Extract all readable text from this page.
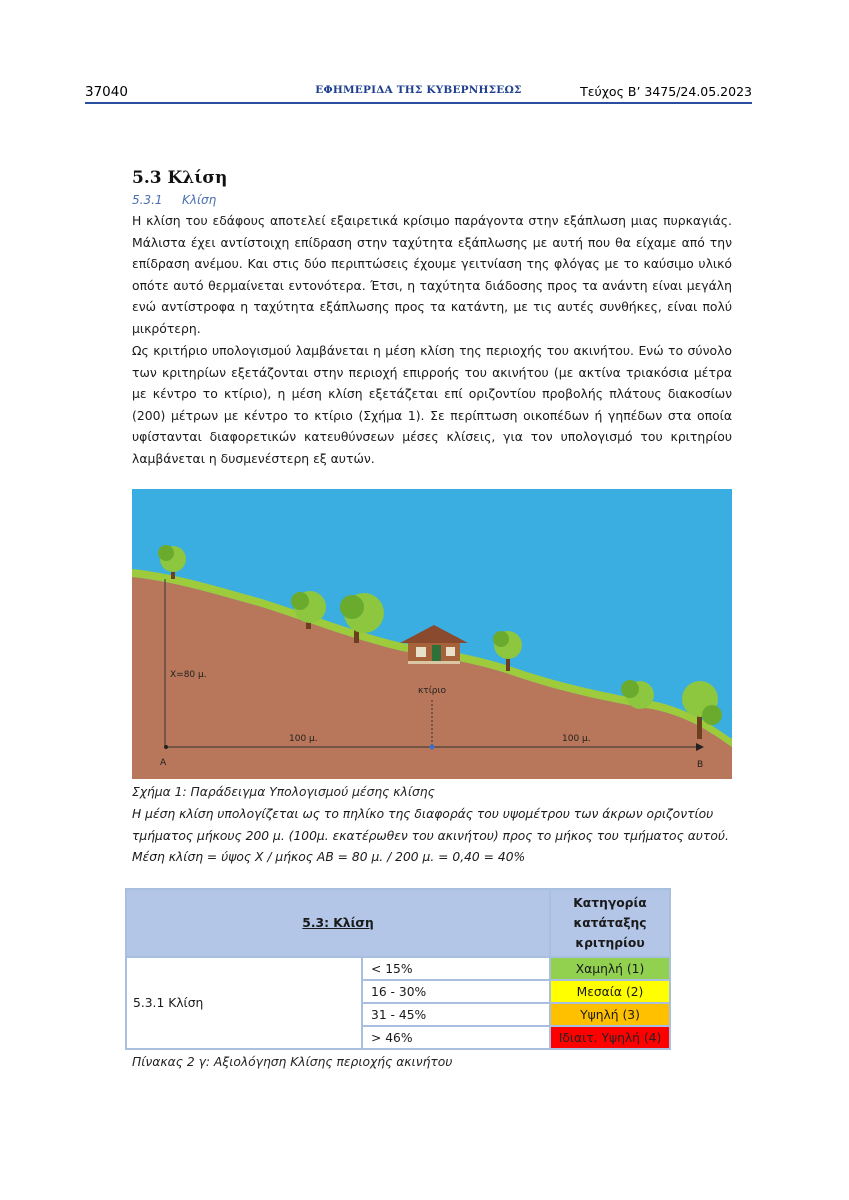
37040	ΕΦΗΜΕΡΙΔΑ ΤΗΣ ΚΥΒΕΡΝΗΣΕΩΣ	Τεύχος Β’ 3475/24.05.2023
5.3 Κλίση
5.3.1 Κλίση

Η κλίση του εδάφους αποτελεί εξαιρετικά κρίσιμο παράγοντα στην εξάπλωση μιας πυρκαγιάς. Μάλιστα έχει αντίστοιχη επίδραση στην ταχύτητα εξάπλωσης με αυτή που θα είχαμε από την επίδραση ανέμου. Και στις δύο περιπτώσεις έχουμε γειτνίαση της φλόγας με το καύσιμο υλικό οπότε αυτό θερμαίνεται εντονότερα. Έτσι, η ταχύτητα διάδοσης προς τα ανάντη είναι μεγάλη ενώ αντίστροφα η ταχύτητα εξάπλωσης προς τα κατάντη, με τις αυτές συνθήκες, είναι πολύ μικρότερη.

Ως κριτήριο υπολογισμού λαμβάνεται η μέση κλίση της περιοχής του ακινήτου. Ενώ το σύνολο των κριτηρίων εξετάζονται στην περιοχή επιρροής του ακινήτου (με ακτίνα τριακόσια μέτρα με κέντρο το κτίριο), η μέση κλίση εξετάζεται επί οριζοντίου προβολής πλάτους διακοσίων (200) μέτρων με κέντρο το κτίριο (Σχήμα 1). Σε περίπτωση οικοπέδων ή γηπέδων στα οποία υφίστανται διαφορετικών κατευθύνσεων μέσες κλίσεις, για τον υπολογισμό του κριτηρίου λαμβάνεται η δυσμενέστερη εξ αυτών.

X=80 μ.
κτίριο
100 μ.	100 μ.
A	B
Σχήμα 1: Παράδειγμα Υπολογισμού μέσης κλίσης

Η μέση κλίση υπολογίζεται ως το πηλίκο της διαφοράς του υψομέτρου των άκρων οριζοντίου
τμήματος μήκους 200 μ. (100μ. εκατέρωθεν του ακινήτου) προς το μήκος του τμήματος αυτού.
Μέση κλίση = ύψος Χ / μήκος ΑΒ = 80 μ. / 200 μ. = 0,40 = 40%

5.3: Κλίση		Κατηγορία
κατάταξης
κριτηρίου
5.3.1 Κλίση	< 15%	Χαμηλή (1)
	16 - 30%	Μεσαία (2)
	31 - 45%	Υψηλή (3)
	> 46%	Ιδιαιτ. Υψηλή (4)
Πίνακας 2 γ: Αξιολόγηση Κλίσης περιοχής ακινήτου
